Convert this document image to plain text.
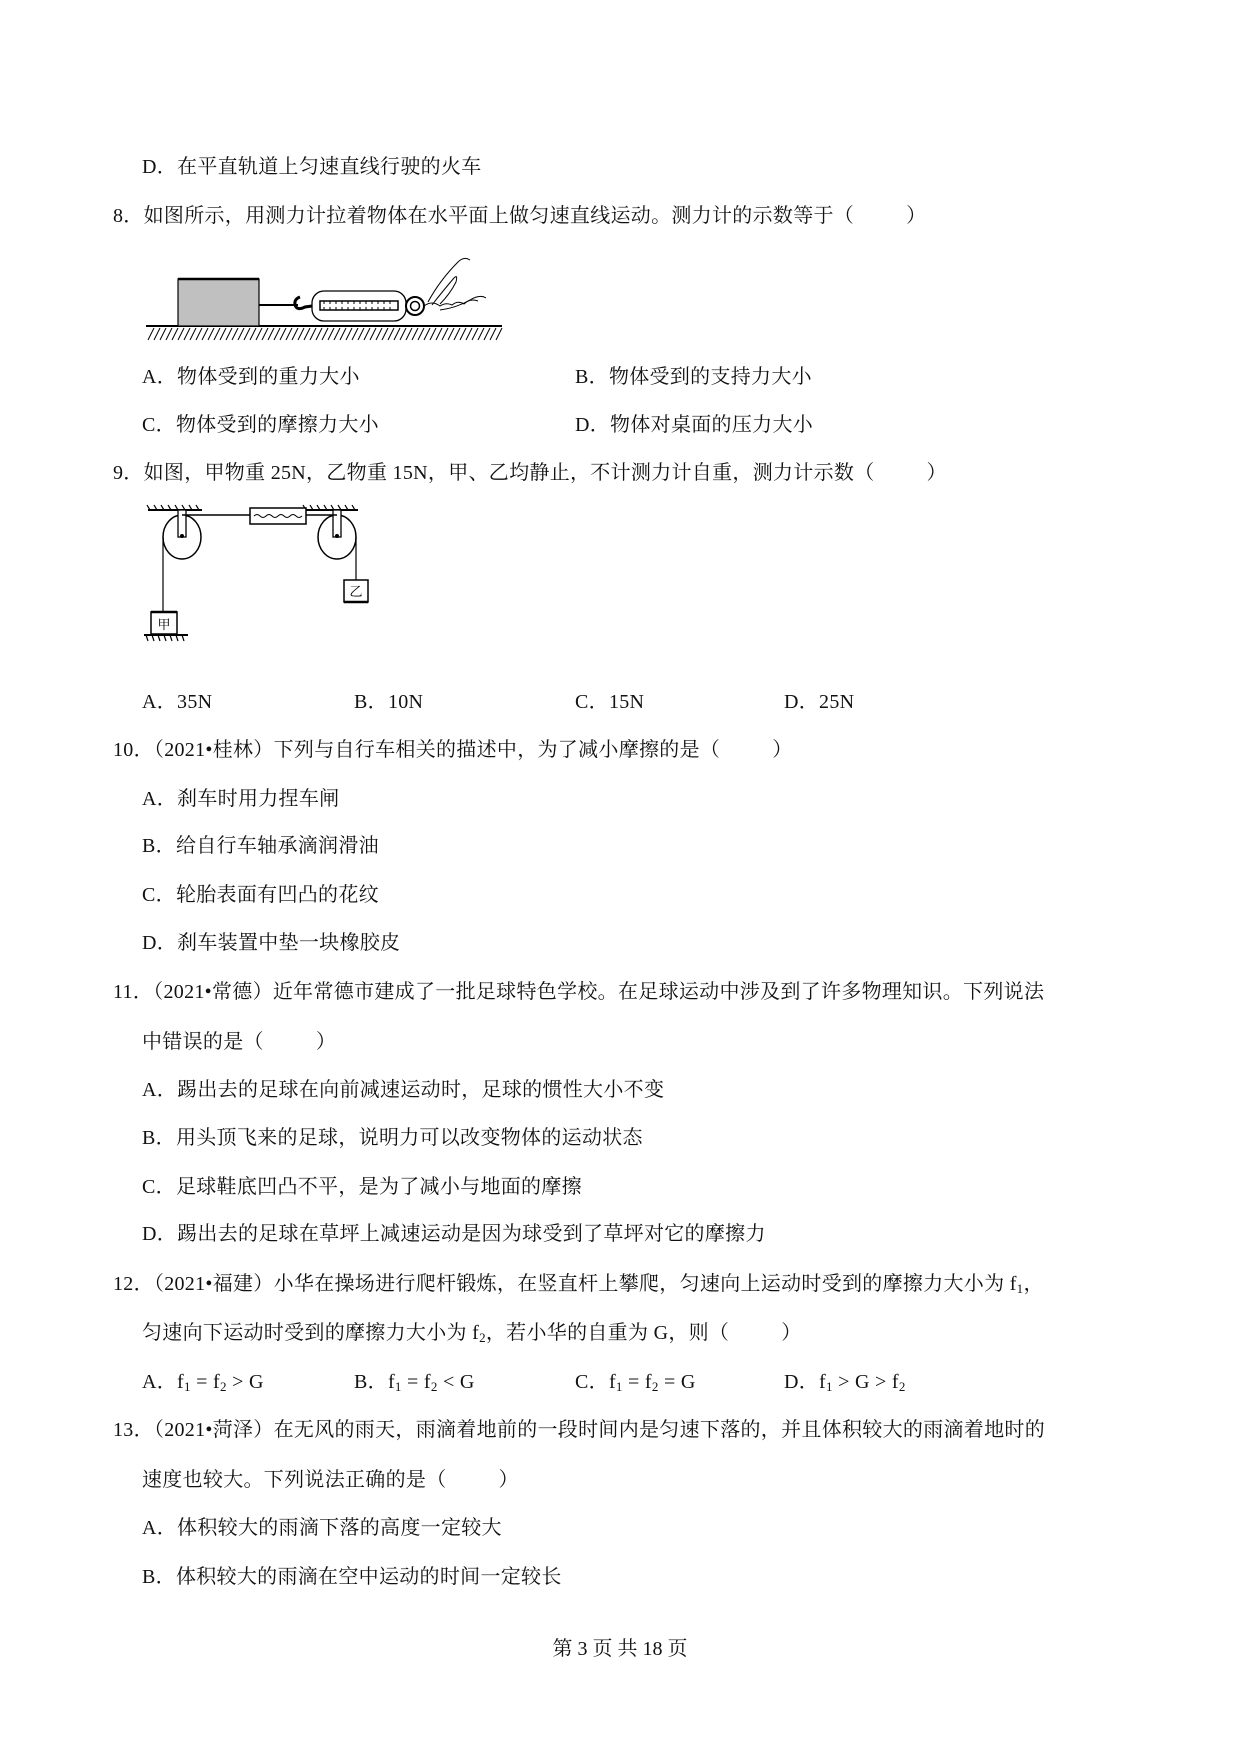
D．在平直轨道上匀速直线行驶的火车
8．如图所示，用测力计拉着物体在水平面上做匀速直线运动。测力计的示数等于（	）
A．物体受到的重力大小	B．物体受到的支持力大小
C．物体受到的摩擦力大小	D．物体对桌面的压力大小
9．如图，甲物重 25N，乙物重 15N，甲、乙均静止，不计测力计自重，测力计示数（	）
甲
乙
A．35N	B．10N	C．15N	D．25N
10．（2021•桂林）下列与自行车相关的描述中，为了减小摩擦的是（	）
A．刹车时用力捏车闸
B．给自行车轴承滴润滑油
C．轮胎表面有凹凸的花纹
D．刹车装置中垫一块橡胶皮
11．（2021•常德）近年常德市建成了一批足球特色学校。在足球运动中涉及到了许多物理知识。下列说法
中错误的是（	）
A．踢出去的足球在向前减速运动时，足球的惯性大小不变
B．用头顶飞来的足球，说明力可以改变物体的运动状态
C．足球鞋底凹凸不平，是为了减小与地面的摩擦
D．踢出去的足球在草坪上减速运动是因为球受到了草坪对它的摩擦力
12．（2021•福建）小华在操场进行爬杆锻炼，在竖直杆上攀爬，匀速向上运动时受到的摩擦力大小为 $f_1$，
匀速向下运动时受到的摩擦力大小为 $f_2$，若小华的自重为 G，则（	）
A．$f_1 = f_2 > G$	B．$f_1 = f_2 < G$	C．$f_1 = f_2 = G$	D．$f_1 > G > f_2$
13．（2021•菏泽）在无风的雨天，雨滴着地前的一段时间内是匀速下落的，并且体积较大的雨滴着地时的
速度也较大。下列说法正确的是（	）
A．体积较大的雨滴下落的高度一定较大
B．体积较大的雨滴在空中运动的时间一定较长
第 3 页 共 18 页
